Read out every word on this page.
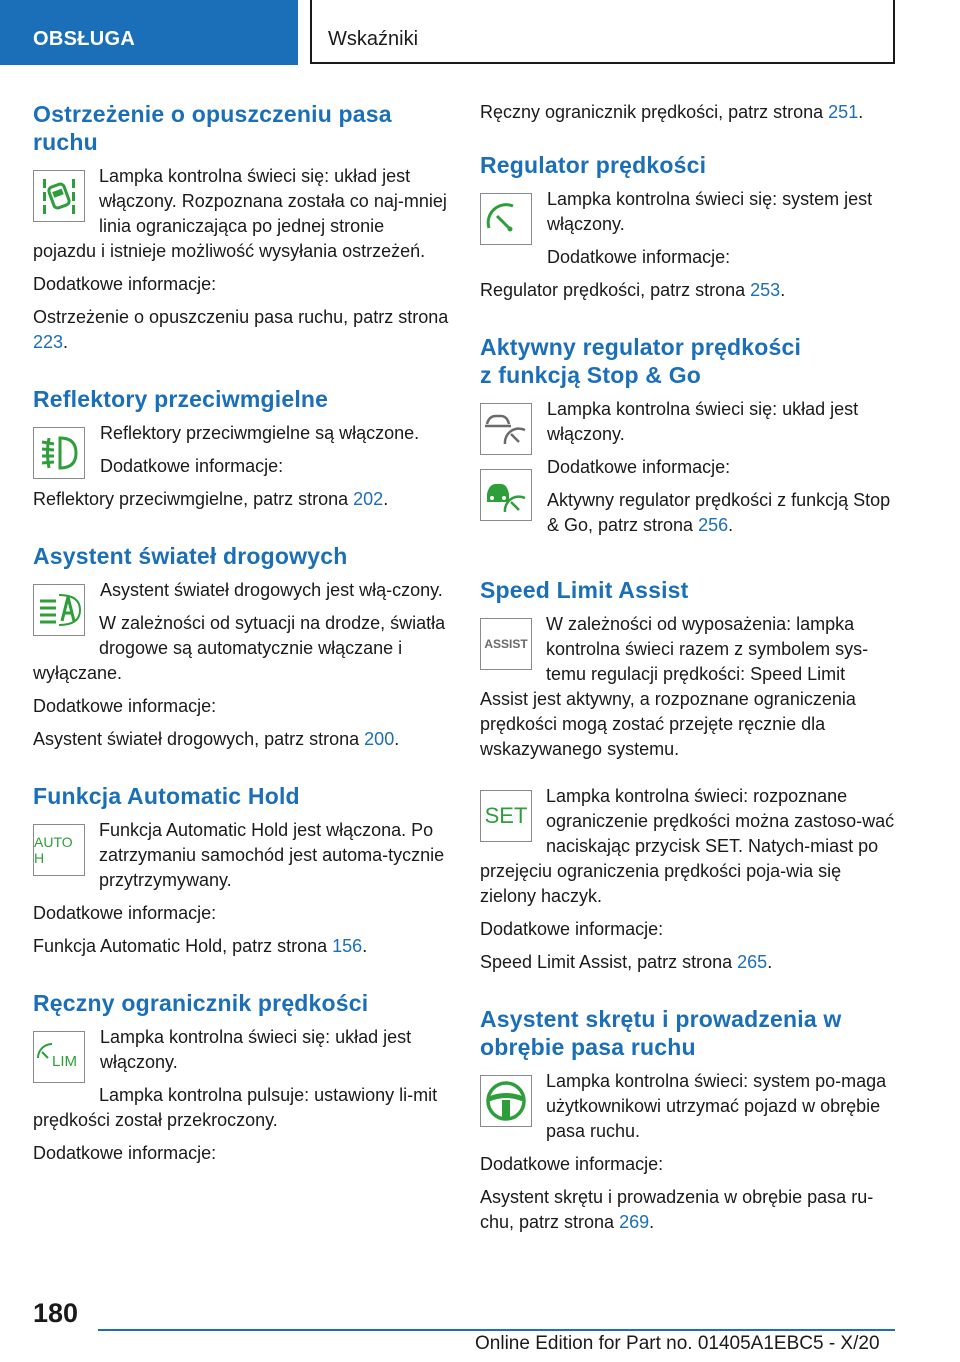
OBSŁUGA	Wskaźniki
Ostrzeżenie o opuszczeniu pasa ruchu

Lampka kontrolna świeci się: układ jest włączony. Rozpoznana została co naj‐mniej linia ograniczająca po jednej stronie pojazdu i istnieje możliwość wysyłania ostrzeżeń.

Dodatkowe informacje:

Ostrzeżenie o opuszczeniu pasa ruchu, patrz strona 223.

Reflektory przeciwmgielne

Reflektory przeciwmgielne są włączone.

Dodatkowe informacje:

Reflektory przeciwmgielne, patrz strona 202.

Asystent świateł drogowych

Asystent świateł drogowych jest włą‐czony.

W zależności od sytuacji na drodze, światła drogowe są automatycznie włączane i wyłączane.

Dodatkowe informacje:

Asystent świateł drogowych, patrz strona 200.

Funkcja Automatic Hold
AUTO H

Funkcja Automatic Hold jest włączona. Po zatrzymaniu samochód jest automa‐tycznie przytrzymywany.

Dodatkowe informacje:

Funkcja Automatic Hold, patrz strona 156.

Ręczny ogranicznik prędkości
LIM

Lampka kontrolna świeci się: układ jest włączony.

Lampka kontrolna pulsuje: ustawiony li‐mit prędkości został przekroczony.

Dodatkowe informacje:

Ręczny ogranicznik prędkości, patrz strona 251.

Regulator prędkości

Lampka kontrolna świeci się: system jest włączony.

Dodatkowe informacje:

Regulator prędkości, patrz strona 253.

Aktywny regulator prędkości
z funkcją Stop & Go

Lampka kontrolna świeci się: układ jest włączony.

Dodatkowe informacje:

Aktywny regulator prędkości z funkcją Stop & Go, patrz strona 256.

Speed Limit Assist
ASSIST

W zależności od wyposażenia: lampka kontrolna świeci razem z symbolem sys‐temu regulacji prędkości: Speed Limit Assist jest aktywny, a rozpoznane ograniczenia prędkości mogą zostać przejęte ręcznie dla wskazywanego systemu.

SET

Lampka kontrolna świeci: rozpoznane ograniczenie prędkości można zastoso‐wać naciskając przycisk SET. Natych‐miast po przejęciu ograniczenia prędkości poja‐wia się zielony haczyk.

Dodatkowe informacje:

Speed Limit Assist, patrz strona 265.

Asystent skrętu i prowadzenia w obrębie pasa ruchu

Lampka kontrolna świeci: system po‐maga użytkownikowi utrzymać pojazd w obrębie pasa ruchu.

Dodatkowe informacje:

Asystent skrętu i prowadzenia w obrębie pasa ru‐chu, patrz strona 269.

180
Online Edition for Part no. 01405A1EBC5 - X/20
